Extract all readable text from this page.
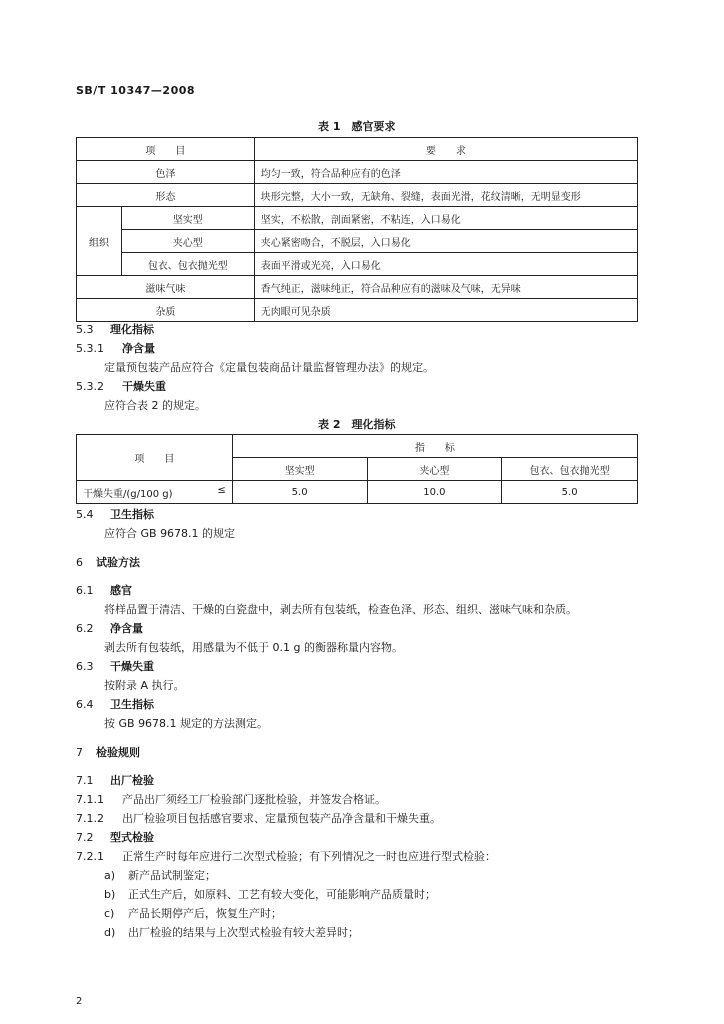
SB/T 10347—2008
表 1　感官要求
项　　目		要　　求
色泽		均匀一致，符合品种应有的色泽
形态		块形完整，大小一致，无缺角、裂缝，表面光滑，花纹清晰，无明显变形
组织	坚实型	坚实，不松散，剖面紧密，不粘连，入口易化
	夹心型	夹心紧密吻合，不脱层，入口易化
	包衣、包衣抛光型	表面平滑或光亮，入口易化
滋味气味		香气纯正，滋味纯正，符合品种应有的滋味及气味，无异味
杂质		无肉眼可见杂质
5.3 理化指标
5.3.1 净含量
定量预包装产品应符合《定量包装商品计量监督管理办法》的规定。
5.3.2 干燥失重
应符合表 2 的规定。
表 2　理化指标
项　　目	指　　标		
	坚实型	夹心型	包衣、包衣抛光型
干燥失重/(g/100 g) ≤	5.0	10.0	5.0
5.4 卫生指标
应符合 GB 9678.1 的规定
6 试验方法
6.1 感官
将样品置于清洁、干燥的白瓷盘中，剥去所有包装纸，检查色泽、形态、组织、滋味气味和杂质。
6.2 净含量
剥去所有包装纸，用感量为不低于 0.1 g 的衡器称量内容物。
6.3 干燥失重
按附录 A 执行。
6.4 卫生指标
按 GB 9678.1 规定的方法测定。
7 检验规则
7.1 出厂检验
7.1.1 产品出厂须经工厂检验部门逐批检验，并签发合格证。
7.1.2 出厂检验项目包括感官要求、定量预包装产品净含量和干燥失重。
7.2 型式检验
7.2.1 正常生产时每年应进行二次型式检验；有下列情况之一时也应进行型式检验：
a) 新产品试制鉴定；
b) 正式生产后，如原料、工艺有较大变化，可能影响产品质量时；
c) 产品长期停产后，恢复生产时；
d) 出厂检验的结果与上次型式检验有较大差异时；
2
